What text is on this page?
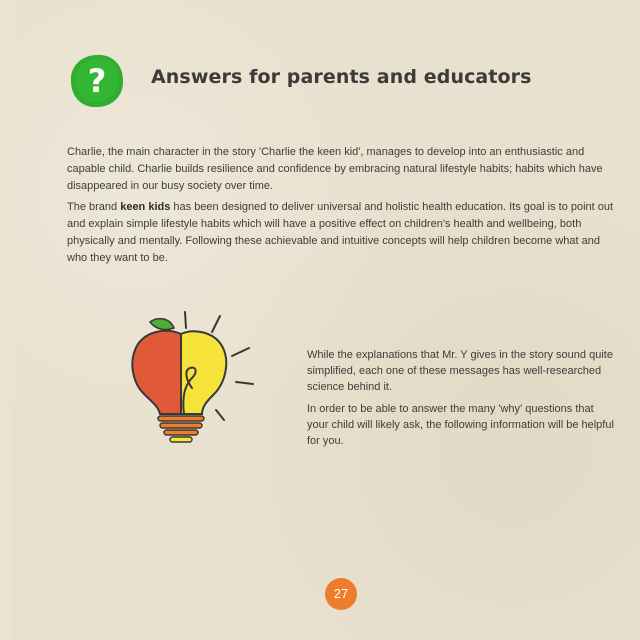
? Answers for parents and educators

Charlie, the main character in the story 'Charlie the keen kid', manages to develop into an enthusiastic and capable child. Charlie builds resilience and confidence by embracing natural lifestyle habits; habits which have disappeared in our busy society over time.

The brand keen kids has been designed to deliver universal and holistic health education. Its goal is to point out and explain simple lifestyle habits which will have a positive effect on children's health and wellbeing, both physically and mentally. Following these achievable and intuitive concepts will help children become what and who they want to be.

While the explanations that Mr. Y gives in the story sound quite simplified, each one of these messages has well-researched science behind it.

In order to be able to answer the many 'why' questions that your child will likely ask, the following information will be helpful for you.

27
